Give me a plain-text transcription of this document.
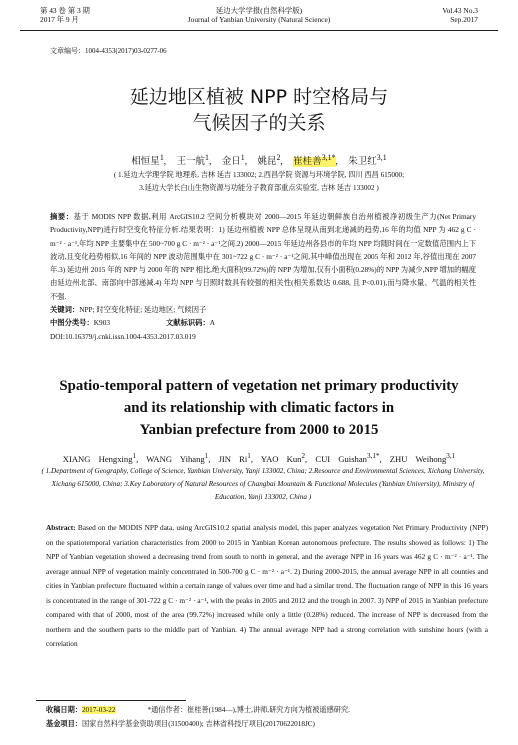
第 43 卷 第 3 期
2017 年 9 月
延边大学学报(自然科学版)
Journal of Yanbian University (Natural Science)
Vol.43 No.3
Sep.2017
文章编号：1004-4353(2017)03-0277-06
延边地区植被 NPP 时空格局与
气候因子的关系
相恒星$^1$, 王一航$^1$, 金日$^1$, 姚昆$^2$, 崔桂善$^{3,1*}$, 朱卫红$^{3,1}$
( 1.延边大学理学院 地理系, 吉林 延吉 133002; 2.西昌学院 资源与环境学院, 四川 西昌 615000;
3.延边大学长白山生物资源与功能分子教育部重点实验室, 吉林 延吉 133002 )
摘要：基于 MODIS NPP 数据,利用 ArcGIS10.2 空间分析模块对 2000—2015 年延边朝鲜族自治州植被净初级生产力(Net Primary Productivity,NPP)进行时空变化特征分析.结果表明：1) 延边州植被 NPP 总体呈现从南到北递减的趋势,16 年的均值 NPP 为 462 g C · m⁻² · a⁻¹,年均 NPP 主要集中在 500~700 g C · m⁻² · a⁻¹之间.2) 2000—2015 年延边州各县市的年均 NPP 均随时间在一定数值范围内上下波动,且变化趋势相似,16 年间的 NPP 波动范围集中在 301~722 g C · m⁻² · a⁻¹之间,其中峰值出现在 2005 年和 2012 年,谷值出现在 2007 年.3) 延边州 2015 年的 NPP 与 2000 年的 NPP 相比,绝大面积(99.72%)的 NPP 为增加,仅有小面积(0.28%)的 NPP 为减少,NPP 增加的幅度由延边州北部、南部向中部递减.4) 年均 NPP 与日照时数具有较强的相关性(相关系数达 0.688, 且 P<0.01),而与降水量、气温的相关性不强.
关键词：NPP; 时空变化特征; 延边地区; 气候因子
中图分类号：K903	文献标识码：A
DOI:10.16379/j.cnki.issn.1004-4353.2017.03.019
Spatio-temporal pattern of vegetation net primary productivity
and its relationship with climatic factors in
Yanbian prefecture from 2000 to 2015
XIANG Hengxing$^1$, WANG Yihang$^1$, JIN Ri$^1$, YAO Kun$^2$, CUI Guishan$^{3,1*}$, ZHU Weihong$^{3,1}$
( 1.Department of Geography, College of Science, Yanbian University, Yanji 133002, China; 2.Resource and Environmental Sciences, Xichang University, Xichang 615000, China; 3.Key Laboratory of Natural Resources of Changbai Mountain & Functional Molecules (Yanbian University), Ministry of Education, Yanji 133002, China )
Abstract: Based on the MODIS NPP data, using ArcGIS10.2 spatial analysis model, this paper analyzes vegetation Net Primary Productivity (NPP) on the spatiotemporal variation characteristics from 2000 to 2015 in Yanbian Korean autonomous prefecture. The results showed as follows: 1) The NPP of Yanbian vegetation showed a decreasing trend from south to north in general, and the average NPP in 16 years was 462 g C · m⁻² · a⁻¹. The average annual NPP of vegetation mainly concentrated in 500-700 g C · m⁻² · a⁻¹. 2) During 2000-2015, the annual average NPP in all counties and cities in Yanbian prefecture fluctuated within a certain range of values over time and had a similar trend. The fluctuation range of NPP in this 16 years is concentrated in the range of 301-722 g C · m⁻² · a⁻¹, with the peaks in 2005 and 2012 and the trough in 2007. 3) NPP of 2015 in Yanbian prefecture compared with that of 2000, most of the area (99.72%) increased while only a little (0.28%) reduced. The increase of NPP is decreased from the northern and the southern parts to the middle part of Yanbian. 4) The annual average NPP had a strong correlation with sunshine hours (with a correlation
收稿日期：2017-03-22	*通信作者：崔桂善(1984—),博士,讲师,研究方向为植被遥感研究.
基金项目：国家自然科学基金资助项目(31500400); 吉林省科技厅项目(20170622018JC)
